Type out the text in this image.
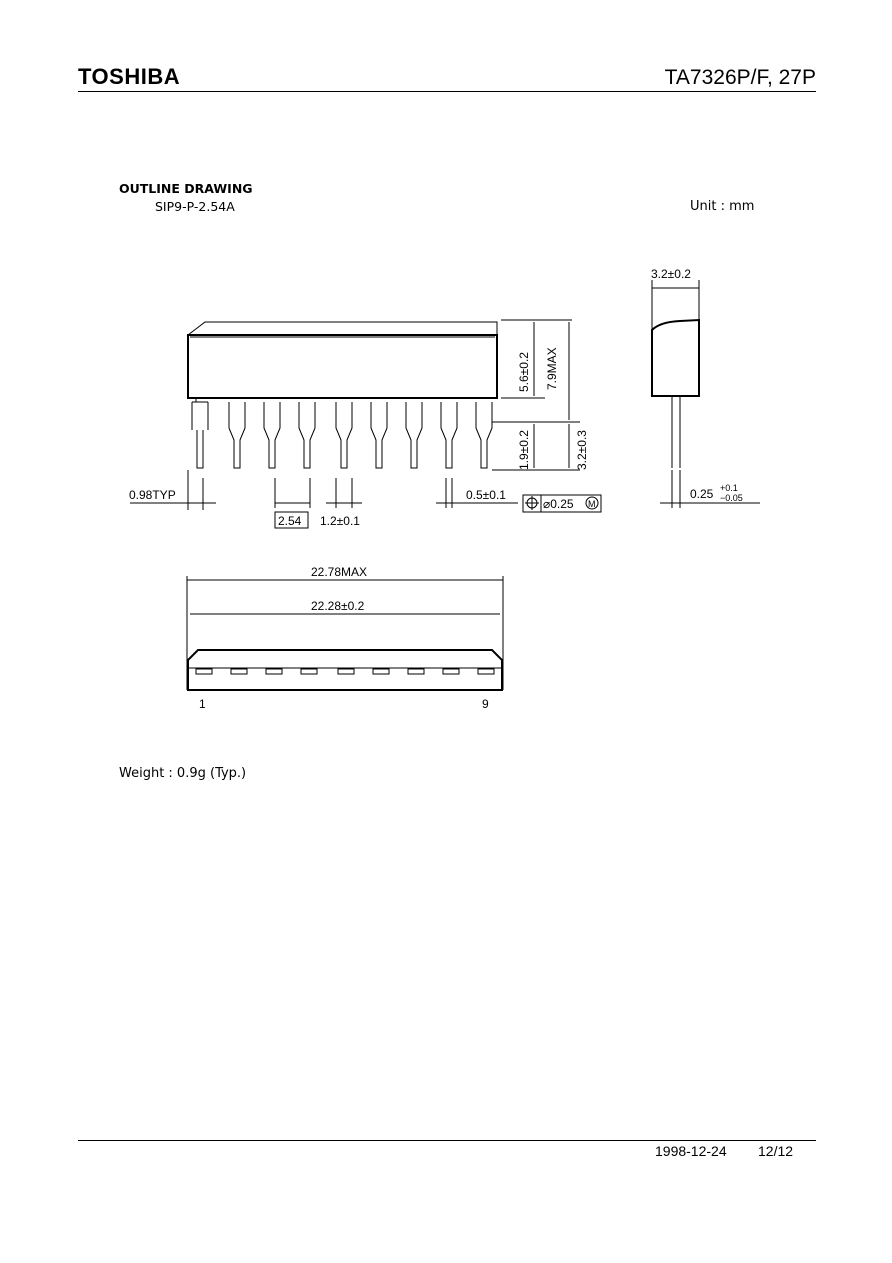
TOSHIBA	TA7326P/F, 27P
OUTLINE DRAWING
SIP9-P-2.54A	Unit : mm
3.2±0.2
7.9MAX
5.6±0.2
1.9±0.2	3.2±0.3
0.98TYP
2.54 1.2±0.1
0.5±0.1
⌀0.25 M
0.25 +0.1
−0.05
22.78MAX
22.28±0.2
1	9
Weight : 0.9g (Typ.)
1998-12-24 12/12
